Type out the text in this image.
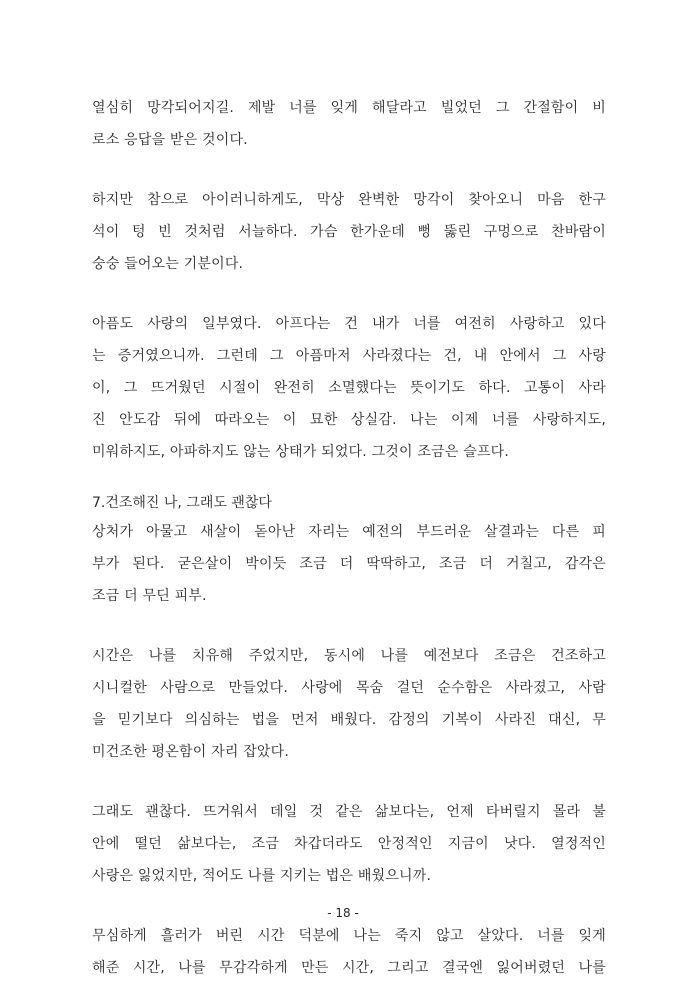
열심히 망각되어지길. 제발 너를 잊게 해달라고 빌었던 그 간절함이 비
로소 응답을 받은 것이다.
하지만 참으로 아이러니하게도, 막상 완벽한 망각이 찾아오니 마음 한구
석이 텅 빈 것처럼 서늘하다. 가슴 한가운데 뻥 뚫린 구멍으로 찬바람이
숭숭 들어오는 기분이다.
아픔도 사랑의 일부였다. 아프다는 건 내가 너를 여전히 사랑하고 있다
는 증거였으니까. 그런데 그 아픔마저 사라졌다는 건, 내 안에서 그 사랑
이, 그 뜨거웠던 시절이 완전히 소멸했다는 뜻이기도 하다. 고통이 사라
진 안도감 뒤에 따라오는 이 묘한 상실감. 나는 이제 너를 사랑하지도,
미워하지도, 아파하지도 않는 상태가 되었다. 그것이 조금은 슬프다.
7.건조해진 나, 그래도 괜찮다
상처가 아물고 새살이 돋아난 자리는 예전의 부드러운 살결과는 다른 피
부가 된다. 굳은살이 박이듯 조금 더 딱딱하고, 조금 더 거칠고, 감각은
조금 더 무딘 피부.
시간은 나를 치유해 주었지만, 동시에 나를 예전보다 조금은 건조하고
시니컬한 사람으로 만들었다. 사랑에 목숨 걸던 순수함은 사라졌고, 사람
을 믿기보다 의심하는 법을 먼저 배웠다. 감정의 기복이 사라진 대신, 무
미건조한 평온함이 자리 잡았다.
그래도 괜찮다. 뜨거워서 데일 것 같은 삶보다는, 언제 타버릴지 몰라 불
안에 떨던 삶보다는, 조금 차갑더라도 안정적인 지금이 낫다. 열정적인
사랑은 잃었지만, 적어도 나를 지키는 법은 배웠으니까.
무심하게 흘러가 버린 시간 덕분에 나는 죽지 않고 살았다. 너를 잊게
해준 시간, 나를 무감각하게 만든 시간, 그리고 결국엔 잃어버렸던 나를
- 18 -
